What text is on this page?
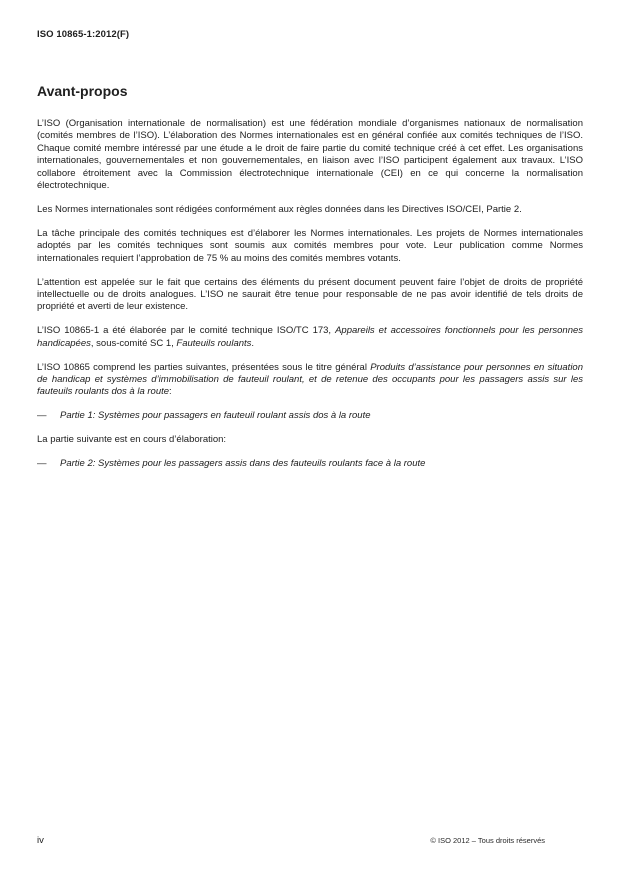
ISO 10865-1:2012(F)
Avant-propos

L’ISO (Organisation internationale de normalisation) est une fédération mondiale d’organismes nationaux de normalisation (comités membres de l’ISO). L’élaboration des Normes internationales est en général confiée aux comités techniques de l’ISO. Chaque comité membre intéressé par une étude a le droit de faire partie du comité technique créé à cet effet. Les organisations internationales, gouvernementales et non gouvernementales, en liaison avec l’ISO participent également aux travaux. L’ISO collabore étroitement avec la Commission électrotechnique internationale (CEI) en ce qui concerne la normalisation électrotechnique.

Les Normes internationales sont rédigées conformément aux règles données dans les Directives ISO/CEI, Partie 2.

La tâche principale des comités techniques est d’élaborer les Normes internationales. Les projets de Normes internationales adoptés par les comités techniques sont soumis aux comités membres pour vote. Leur publication comme Normes internationales requiert l’approbation de 75 % au moins des comités membres votants.

L’attention est appelée sur le fait que certains des éléments du présent document peuvent faire l’objet de droits de propriété intellectuelle ou de droits analogues. L’ISO ne saurait être tenue pour responsable de ne pas avoir identifié de tels droits de propriété et averti de leur existence.

L’ISO 10865-1 a été élaborée par le comité technique ISO/TC 173, Appareils et accessoires fonctionnels pour les personnes handicapées, sous-comité SC 1, Fauteuils roulants.

L’ISO 10865 comprend les parties suivantes, présentées sous le titre général Produits d’assistance pour personnes en situation de handicap et systèmes d’immobilisation de fauteuil roulant, et de retenue des occupants pour les passagers assis sur les fauteuils roulants dos à la route:

—	Partie 1: Systèmes pour passagers en fauteuil roulant assis dos à la route

La partie suivante est en cours d’élaboration:

—	Partie 2: Systèmes pour les passagers assis dans des fauteuils roulants face à la route
iv	© ISO 2012 – Tous droits réservés
